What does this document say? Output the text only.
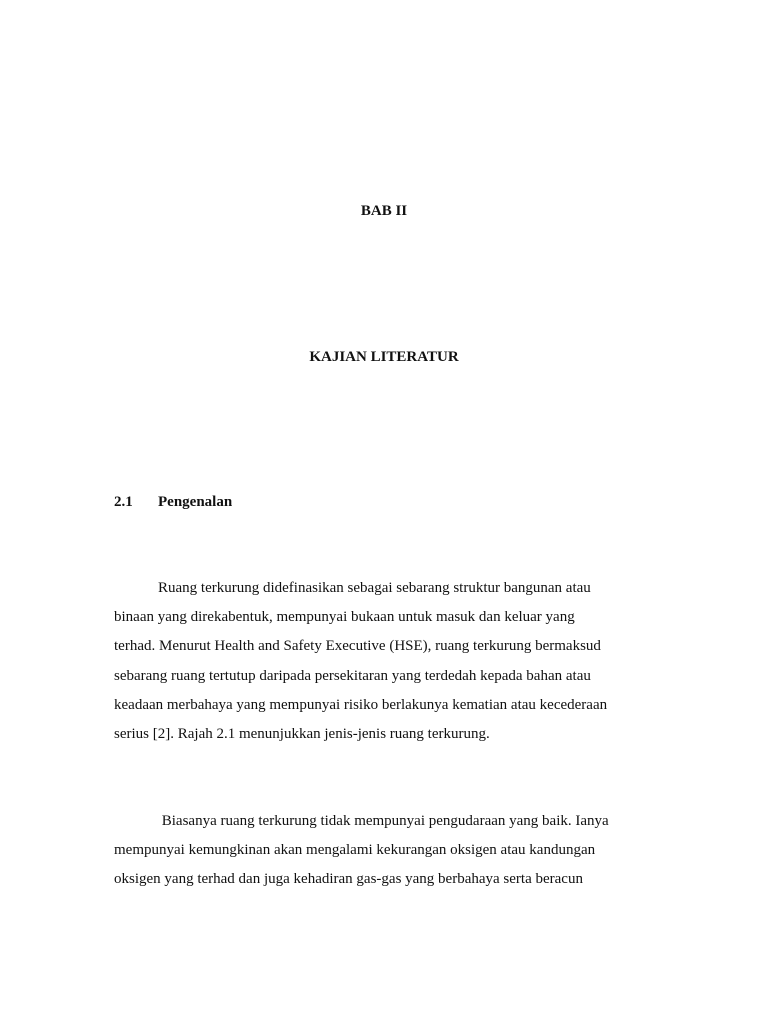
BAB II
KAJIAN LITERATUR
2.1 Pengenalan
Ruang terkurung didefinasikan sebagai sebarang struktur bangunan atau
binaan yang direkabentuk, mempunyai bukaan untuk masuk dan keluar yang
terhad. Menurut Health and Safety Executive (HSE), ruang terkurung bermaksud
sebarang ruang tertutup daripada persekitaran yang terdedah kepada bahan atau
keadaan merbahaya yang mempunyai risiko berlakunya kematian atau kecederaan
serius [2]. Rajah 2.1 menunjukkan jenis-jenis ruang terkurung.
Biasanya ruang terkurung tidak mempunyai pengudaraan yang baik. Ianya
mempunyai kemungkinan akan mengalami kekurangan oksigen atau kandungan
oksigen yang terhad dan juga kehadiran gas-gas yang berbahaya serta beracun
